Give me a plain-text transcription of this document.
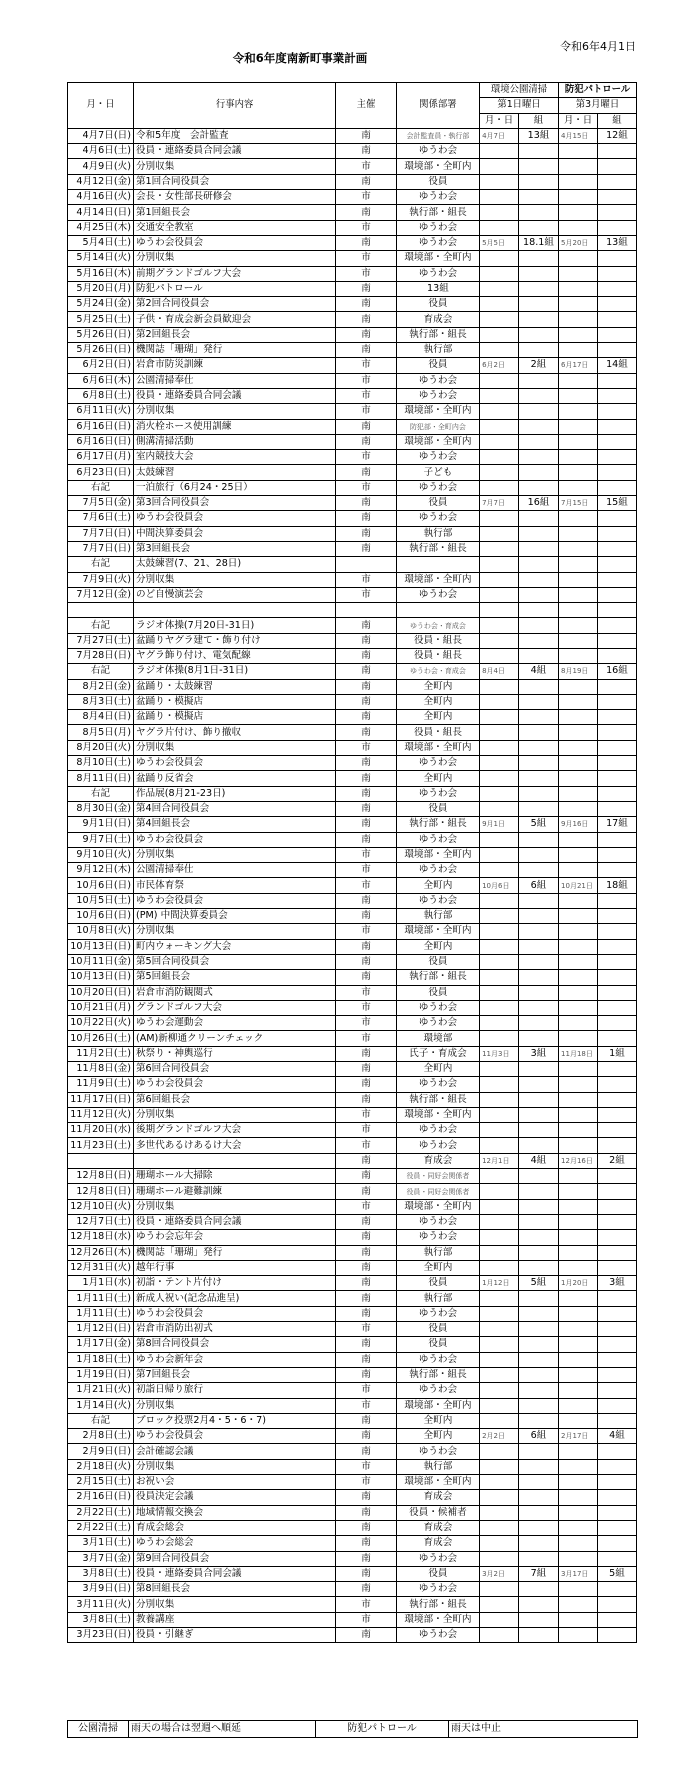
令和6年4月1日
令和6年度南新町事業計画
月・日	行事内容	主催	関係部署	環境公園清掃		防犯パトロール	
				第1日曜日		第3月曜日	
				月・日	組	月・日	組
4月7日(日)	令和5年度　会計監査	南	会計監査員・執行部	4月7日	13組	4月15日	12組
4月6日(土)	役員・連絡委員合同会議	南	ゆうわ会				
4月9日(火)	分別収集	市	環境部・全町内				
4月12日(金)	第1回合同役員会	南	役員				
4月16日(火)	会長・女性部長研修会	市	ゆうわ会				
4月14日(日)	第1回組長会	南	執行部・組長				
4月25日(木)	交通安全教室	市	ゆうわ会				
5月4日(土)	ゆうわ会役員会	南	ゆうわ会	5月5日	18.1組	5月20日	13組
5月14日(火)	分別収集	市	環境部・全町内				
5月16日(木)	前期グランドゴルフ大会	市	ゆうわ会				
5月20日(月)	防犯パトロール	南	13組				
5月24日(金)	第2回合同役員会	南	役員				
5月25日(土)	子供・育成会新会員歓迎会	南	育成会				
5月26日(日)	第2回組長会	南	執行部・組長				
5月26日(日)	機関誌「珊瑚」発行	南	執行部				
6月2日(日)	岩倉市防災訓練	市	役員	6月2日	2組	6月17日	14組
6月6日(木)	公園清掃奉仕	市	ゆうわ会				
6月8日(土)	役員・連絡委員合同会議	市	ゆうわ会				
6月11日(火)	分別収集	市	環境部・全町内				
6月16日(日)	消火栓ホース使用訓練	南	防犯部・全町内会				
6月16日(日)	側溝清掃活動	南	環境部・全町内				
6月17日(月)	室内競技大会	市	ゆうわ会				
6月23日(日)	太鼓練習	南	子ども				
右記	一泊旅行（6月24・25日）	市	ゆうわ会				
7月5日(金)	第3回合同役員会	南	役員	7月7日	16組	7月15日	15組
7月6日(土)	ゆうわ会役員会	南	ゆうわ会				
7月7日(日)	中間決算委員会	南	執行部				
7月7日(日)	第3回組長会	南	執行部・組長				
右記	太鼓練習(7、21、28日)						
7月9日(火)	分別収集	市	環境部・全町内				
7月12日(金)	のど自慢演芸会	市	ゆうわ会				

右記	ラジオ体操(7月20日-31日)	南	ゆうわ会・育成会				
7月27日(土)	盆踊りヤグラ建て・飾り付け	南	役員・組長				
7月28日(日)	ヤグラ飾り付け、電気配線	南	役員・組長				
右記	ラジオ体操(8月1日-31日)	南	ゆうわ会・育成会	8月4日	4組	8月19日	16組
8月2日(金)	盆踊り・太鼓練習	南	全町内				
8月3日(土)	盆踊り・模擬店	南	全町内				
8月4日(日)	盆踊り・模擬店	南	全町内				
8月5日(月)	ヤグラ片付け、飾り撤収	南	役員・組長				
8月20日(火)	分別収集	市	環境部・全町内				
8月10日(土)	ゆうわ会役員会	南	ゆうわ会				
8月11日(日)	盆踊り反省会	南	全町内				
右記	作品展(8月21-23日)	南	ゆうわ会				
8月30日(金)	第4回合同役員会	南	役員				
9月1日(日)	第4回組長会	南	執行部・組長	9月1日	5組	9月16日	17組
9月7日(土)	ゆうわ会役員会	南	ゆうわ会				
9月10日(火)	分別収集	市	環境部・全町内				
9月12日(木)	公園清掃奉仕	市	ゆうわ会				
10月6日(日)	市民体育祭	市	全町内	10月6日	6組	10月21日	18組
10月5日(土)	ゆうわ会役員会	南	ゆうわ会				
10月6日(日)	(PM) 中間決算委員会	南	執行部				
10月8日(火)	分別収集	市	環境部・全町内				
10月13日(日)	町内ウォーキング大会	南	全町内				
10月11日(金)	第5回合同役員会	南	役員				
10月13日(日)	第5回組長会	南	執行部・組長				
10月20日(日)	岩倉市消防観閲式	市	役員				
10月21日(月)	グランドゴルフ大会	市	ゆうわ会				
10月22日(火)	ゆうわ会運動会	市	ゆうわ会				
10月26日(土)	(AM)新柳通クリーンチェック	市	環境部				
11月2日(土)	秋祭り・神輿巡行	南	氏子・育成会	11月3日	3組	11月18日	1組
11月8日(金)	第6回合同役員会	南	全町内				
11月9日(土)	ゆうわ会役員会	南	ゆうわ会				
11月17日(日)	第6回組長会	南	執行部・組長				
11月12日(火)	分別収集	市	環境部・全町内				
11月20日(水)	後期グランドゴルフ大会	市	ゆうわ会				
11月23日(土)	多世代あるけあるけ大会	市	ゆうわ会				
		南	育成会	12月1日	4組	12月16日	2組
12月8日(日)	珊瑚ホール大掃除	南	役員・同好会関係者				
12月8日(日)	珊瑚ホール避難訓練	南	役員・同好会関係者				
12月10日(火)	分別収集	市	環境部・全町内				
12月7日(土)	役員・連絡委員合同会議	南	ゆうわ会				
12月18日(水)	ゆうわ会忘年会	南	ゆうわ会				
12月26日(木)	機関誌「珊瑚」発行	南	執行部				
12月31日(火)	越年行事	南	全町内				
1月1日(水)	初詣・テント片付け	南	役員	1月12日	5組	1月20日	3組
1月11日(土)	新成人祝い(記念品進呈)	南	執行部				
1月11日(土)	ゆうわ会役員会	南	ゆうわ会				
1月12日(日)	岩倉市消防出初式	市	役員				
1月17日(金)	第8回合同役員会	南	役員				
1月18日(土)	ゆうわ会新年会	南	ゆうわ会				
1月19日(日)	第7回組長会	南	執行部・組長				
1月21日(火)	初詣日帰り旅行	市	ゆうわ会				
1月14日(火)	分別収集	市	環境部・全町内				
右記	ブロック投票2月4・5・6・7)	南	全町内				
2月8日(土)	ゆうわ会役員会	南	全町内	2月2日	6組	2月17日	4組
2月9日(日)	会計確認会議	南	ゆうわ会				
2月18日(火)	分別収集	市	執行部				
2月15日(土)	お祝い会	市	環境部・全町内				
2月16日(日)	役員決定会議	南	育成会				
2月22日(土)	地域情報交換会	南	役員・候補者				
2月22日(土)	育成会総会	南	育成会				
3月1日(土)	ゆうわ会総会	南	育成会				
3月7日(金)	第9回合同役員会	南	ゆうわ会				
3月8日(土)	役員・連絡委員合同会議	南	役員	3月2日	7組	3月17日	5組
3月9日(日)	第8回組長会	南	ゆうわ会				
3月11日(火)	分別収集	市	執行部・組長				
3月8日(土)	教養講座	市	環境部・全町内				
3月23日(日)	役員・引継ぎ	南	ゆうわ会				
公園清掃	雨天の場合は翌週へ順延	防犯パトロール	雨天は中止
